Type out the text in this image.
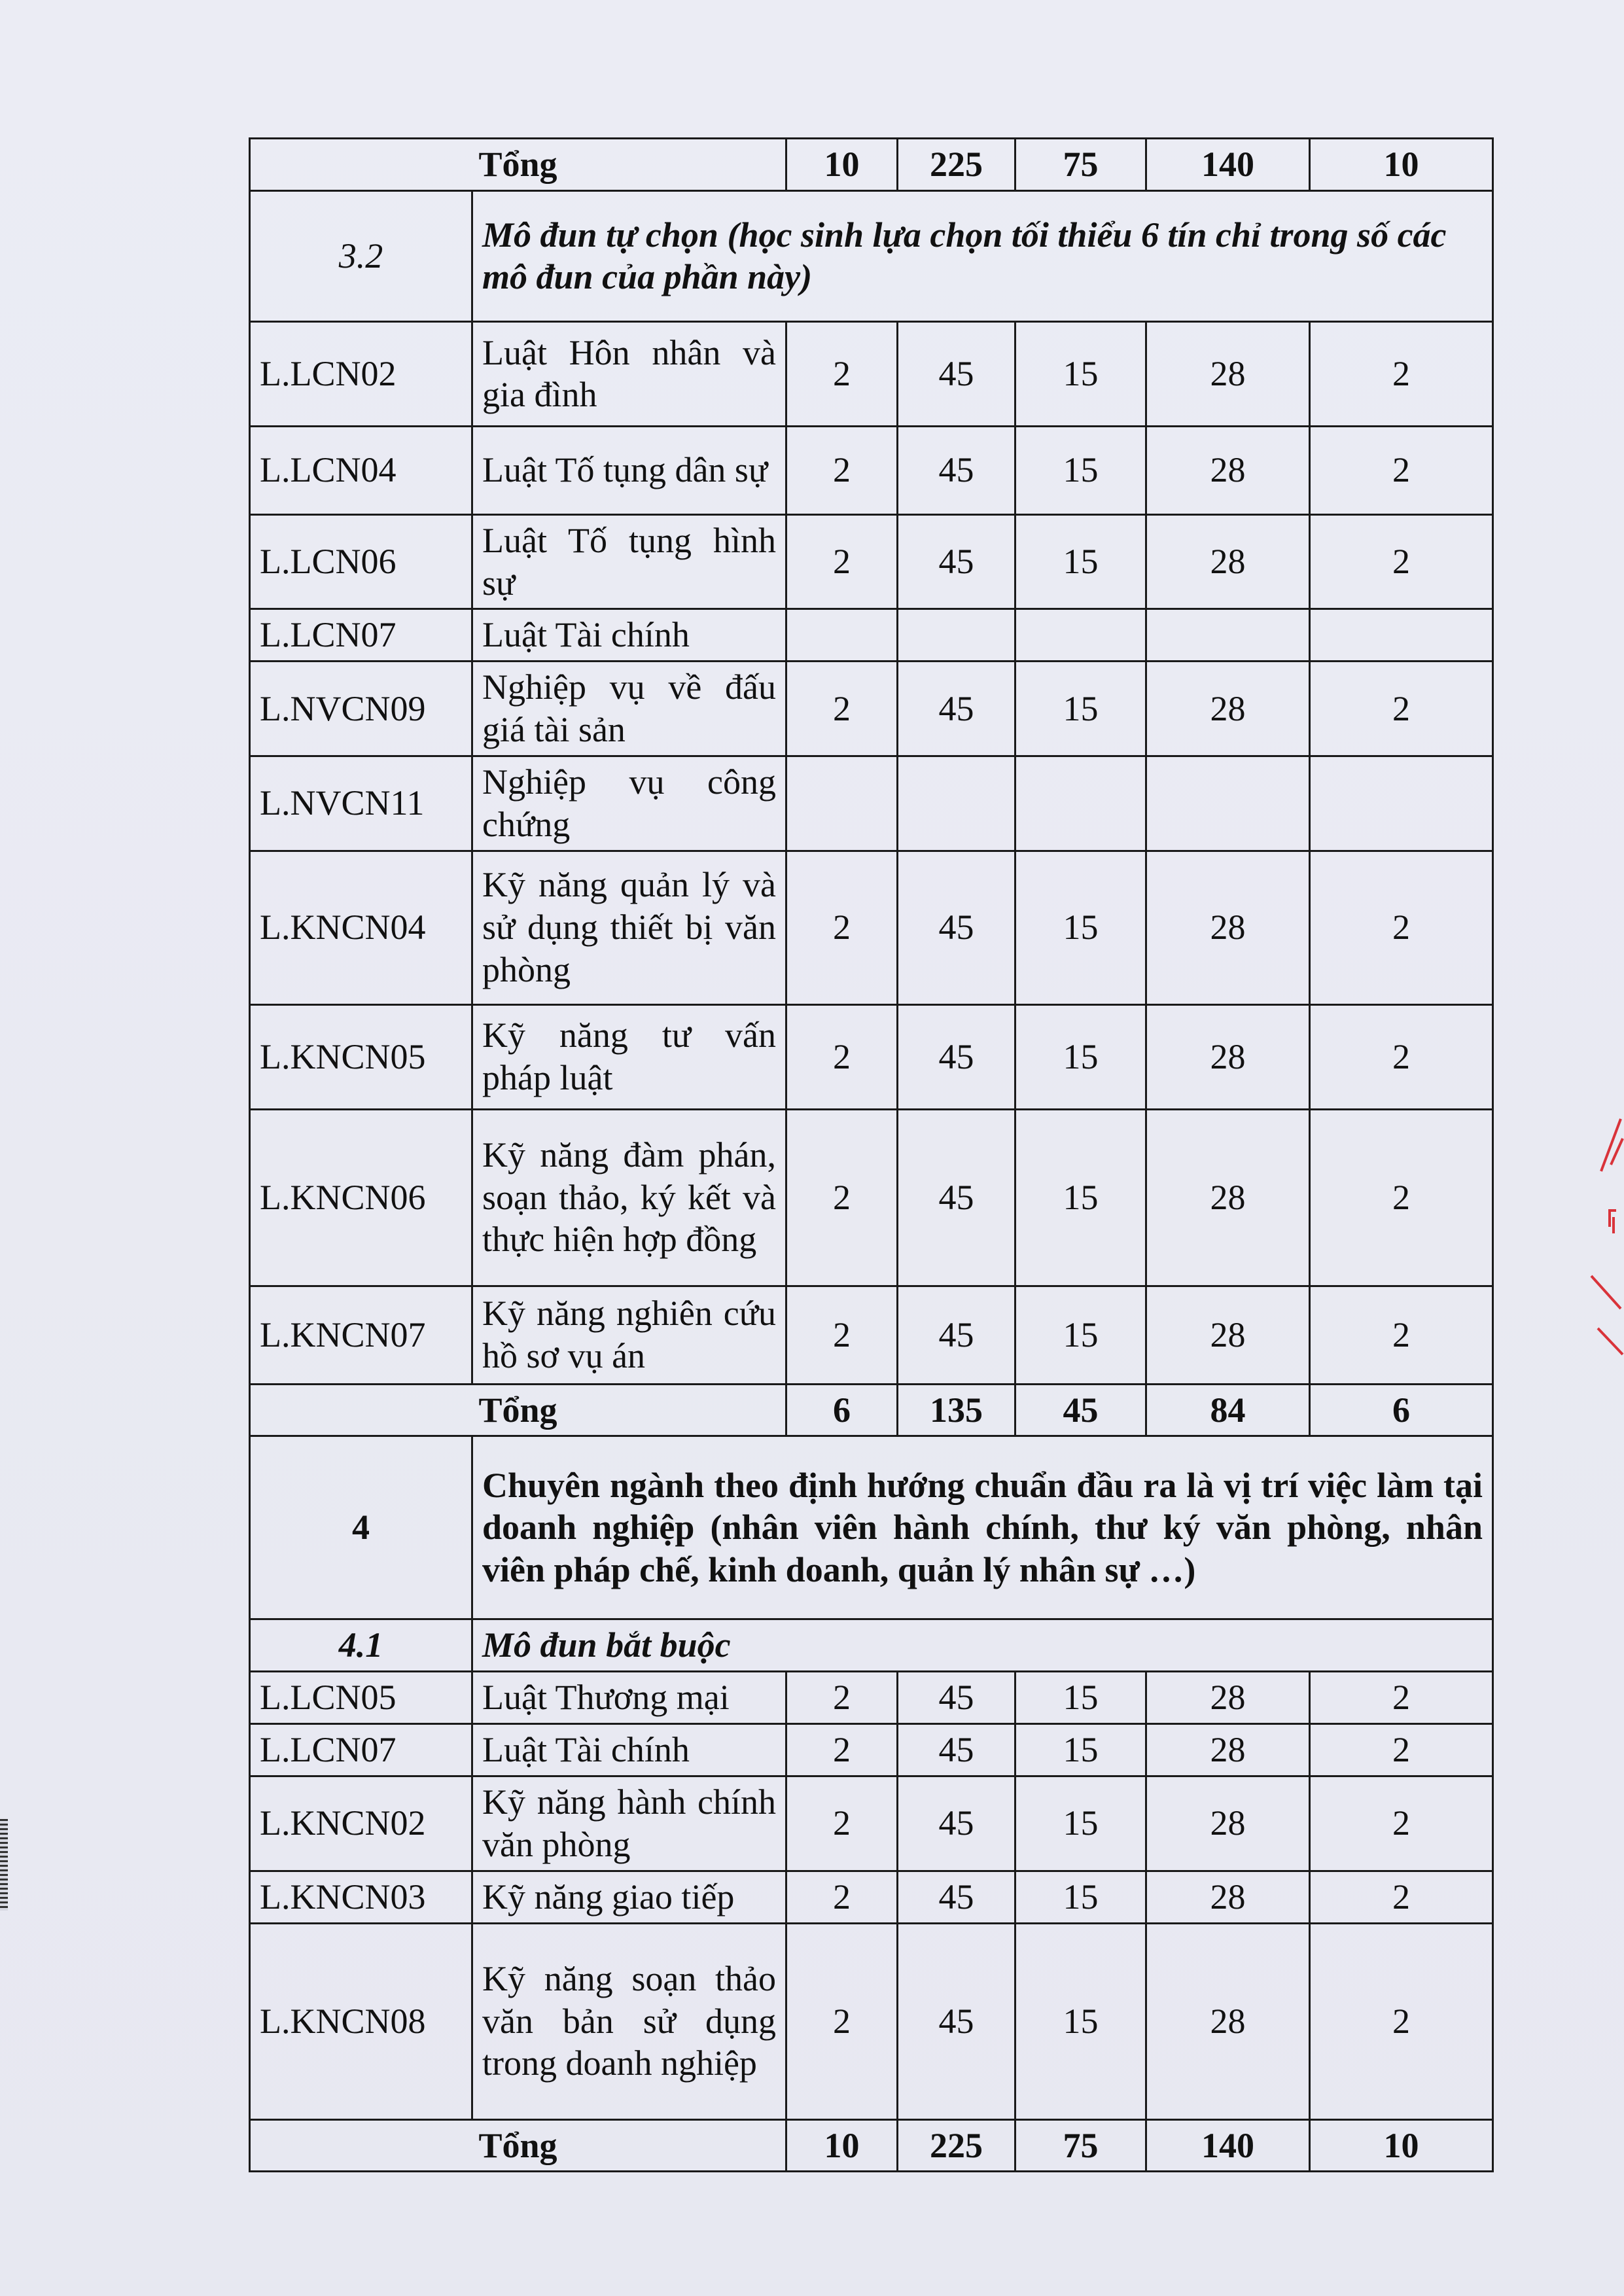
Tổng		10	225	75	140	10
3.2	Mô đun tự chọn (học sinh lựa chọn tối thiểu 6 tín chỉ trong số các mô đun của phần này)					
L.LCN02	Luật Hôn nhân và gia đình	2	45	15	28	2
L.LCN04	Luật Tố tụng dân sự	2	45	15	28	2
L.LCN06	Luật Tố tụng hình sự	2	45	15	28	2
L.LCN07	Luật Tài chính					
L.NVCN09	Nghiệp vụ về đấu giá tài sản	2	45	15	28	2
L.NVCN11	Nghiệp vụ công chứng					
L.KNCN04	Kỹ năng quản lý và sử dụng thiết bị văn phòng	2	45	15	28	2
L.KNCN05	Kỹ năng tư vấn pháp luật	2	45	15	28	2
L.KNCN06	Kỹ năng đàm phán, soạn thảo, ký kết và thực hiện hợp đồng	2	45	15	28	2
L.KNCN07	Kỹ năng nghiên cứu hồ sơ vụ án	2	45	15	28	2
Tổng		6	135	45	84	6
4	Chuyên ngành theo định hướng chuẩn đầu ra là vị trí việc làm tại doanh nghiệp (nhân viên hành chính, thư ký văn phòng, nhân viên pháp chế, kinh doanh, quản lý nhân sự …)					
4.1	Mô đun bắt buộc					
L.LCN05	Luật Thương mại	2	45	15	28	2
L.LCN07	Luật Tài chính	2	45	15	28	2
L.KNCN02	Kỹ năng hành chính văn phòng	2	45	15	28	2
L.KNCN03	Kỹ năng giao tiếp	2	45	15	28	2
L.KNCN08	Kỹ năng soạn thảo văn bản sử dụng trong doanh nghiệp	2	45	15	28	2
Tổng		10	225	75	140	10
